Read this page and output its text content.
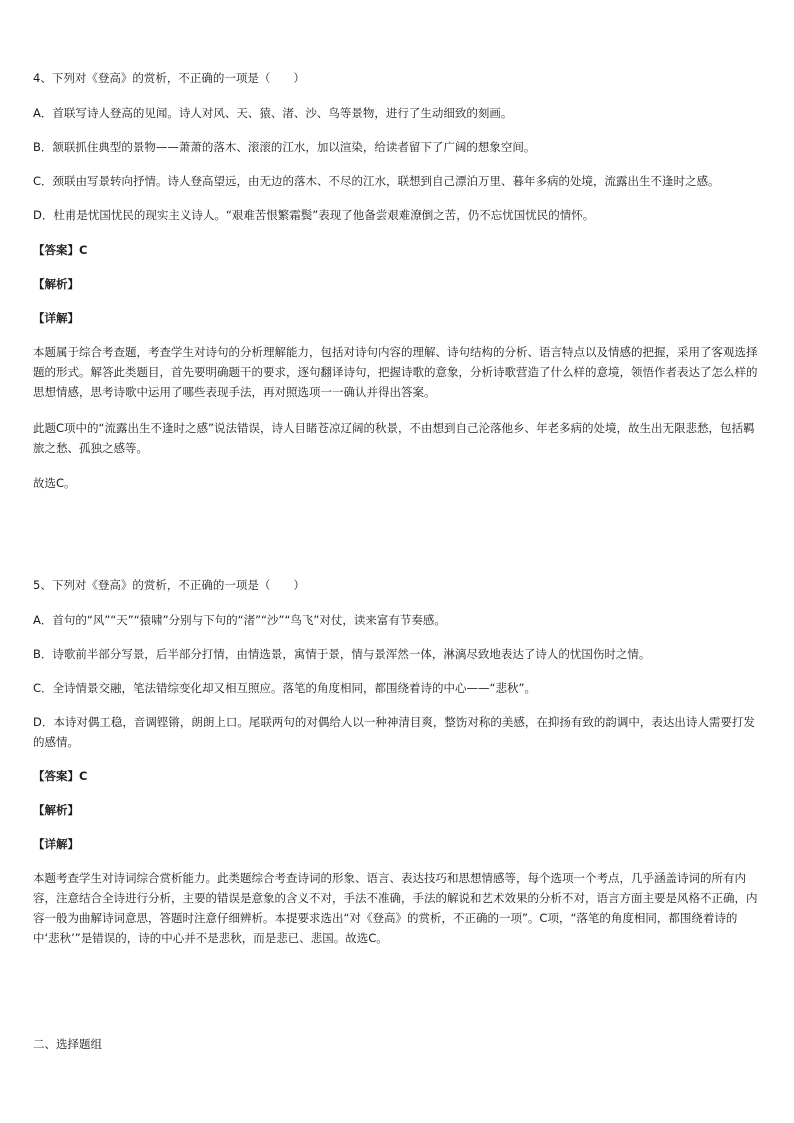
4、下列对《登高》的赏析，不正确的一项是（　　）
A．首联写诗人登高的见闻。诗人对风、天、猿、渚、沙、鸟等景物，进行了生动细致的刻画。
B．颔联抓住典型的景物——萧萧的落木、滚滚的江水，加以渲染，给读者留下了广阔的想象空间。
C．颈联由写景转向抒情。诗人登高望远，由无边的落木、不尽的江水，联想到自己漂泊万里、暮年多病的处境，流露出生不逢时之感。
D．杜甫是忧国忧民的现实主义诗人。“艰难苦恨繁霜鬓”表现了他备尝艰难潦倒之苦，仍不忘忧国忧民的情怀。
【答案】C
【解析】
【详解】
本题属于综合考查题，考查学生对诗句的分析理解能力，包括对诗句内容的理解、诗句结构的分析、语言特点以及情感的把握，采用了客观选择题的形式。解答此类题目，首先要明确题干的要求，逐句翻译诗句，把握诗歌的意象，分析诗歌营造了什么样的意境，领悟作者表达了怎么样的思想情感，思考诗歌中运用了哪些表现手法，再对照选项一一确认并得出答案。
此题C项中的“流露出生不逢时之感”说法错误，诗人目睹苍凉辽阔的秋景，不由想到自己沦落他乡、年老多病的处境，故生出无限悲愁，包括羁旅之愁、孤独之感等。
故选C。
5、下列对《登高》的赏析，不正确的一项是（　　）
A．首句的“风”“天”“猿啸”分别与下句的“渚”“沙”“鸟飞”对仗，读来富有节奏感。
B．诗歌前半部分写景，后半部分打情，由情选景，寓情于景，情与景浑然一体，淋漓尽致地表达了诗人的忧国伤时之情。
C．全诗情景交融，笔法错综变化却又相互照应。落笔的角度相同，都围绕着诗的中心——“悲秋”。
D．本诗对偶工稳，音调铿锵，朗朗上口。尾联两句的对偶给人以一种神清目爽，整饬对称的美感，在抑扬有致的韵调中，表达出诗人需要打发的感情。
【答案】C
【解析】
【详解】
本题考查学生对诗词综合赏析能力。此类题综合考查诗词的形象、语言、表达技巧和思想情感等，每个选项一个考点，几乎涵盖诗词的所有内容，注意结合全诗进行分析，主要的错误是意象的含义不对，手法不准确，手法的解说和艺术效果的分析不对，语言方面主要是风格不正确，内容一般为曲解诗词意思，答题时注意仔细辨析。本提要求选出“对《登高》的赏析，不正确的一项”。C项，“落笔的角度相同，都围绕着诗的中‘悲秋’”是错误的，诗的中心并不是悲秋，而是悲已、悲国。故选C。
二、选择题组
